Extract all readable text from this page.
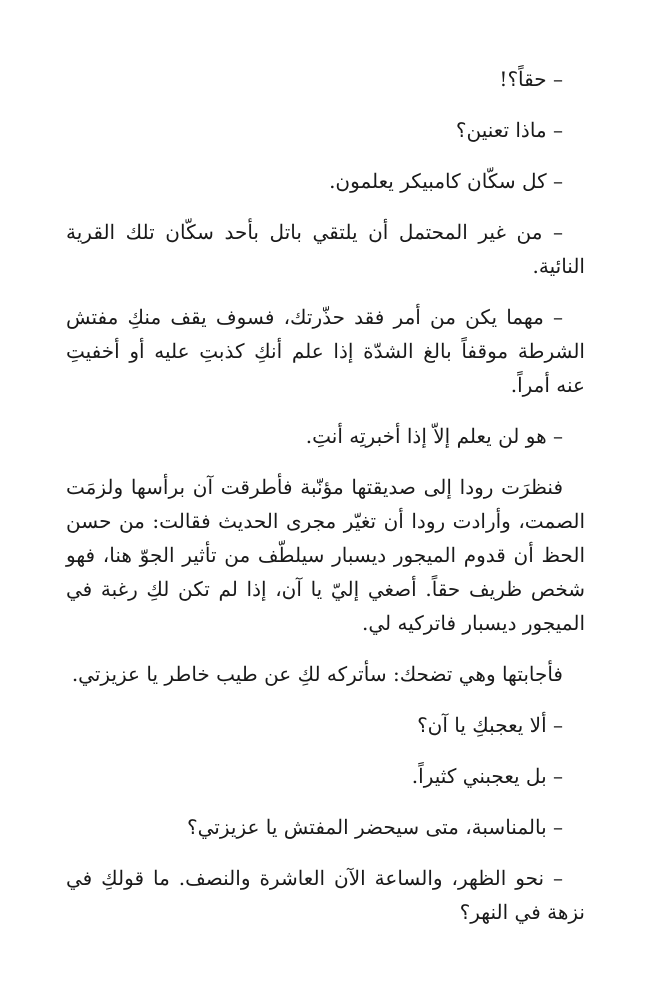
– حقاً؟!

– ماذا تعنين؟

– كل سكّان كامبيكر يعلمون.

– من غير المحتمل أن يلتقي باتل بأحد سكّان تلك القرية النائية.

– مهما يكن من أمر فقد حذّرتك، فسوف يقف منكِ مفتش الشرطة موقفاً بالغ الشدّة إذا علم أنكِ كذبتِ عليه أو أخفيتِ عنه أمراً.

– هو لن يعلم إلاّ إذا أخبرتِه أنتِ.

فنظرَت رودا إلى صديقتها مؤنّبة فأطرقت آن برأسها ولزمَت الصمت، وأرادت رودا أن تغيّر مجرى الحديث فقالت: من حسن الحظ أن قدوم الميجور ديسبار سيلطّف من تأثير الجوّ هنا، فهو شخص ظريف حقاً. أصغي إليّ يا آن، إذا لم تكن لكِ رغبة في الميجور ديسبار فاتركيه لي.

فأجابتها وهي تضحك: سأتركه لكِ عن طيب خاطر يا عزيزتي.

– ألا يعجبكِ يا آن؟

– بل يعجبني كثيراً.

– بالمناسبة، متى سيحضر المفتش يا عزيزتي؟

– نحو الظهر، والساعة الآن العاشرة والنصف. ما قولكِ في نزهة في النهر؟
